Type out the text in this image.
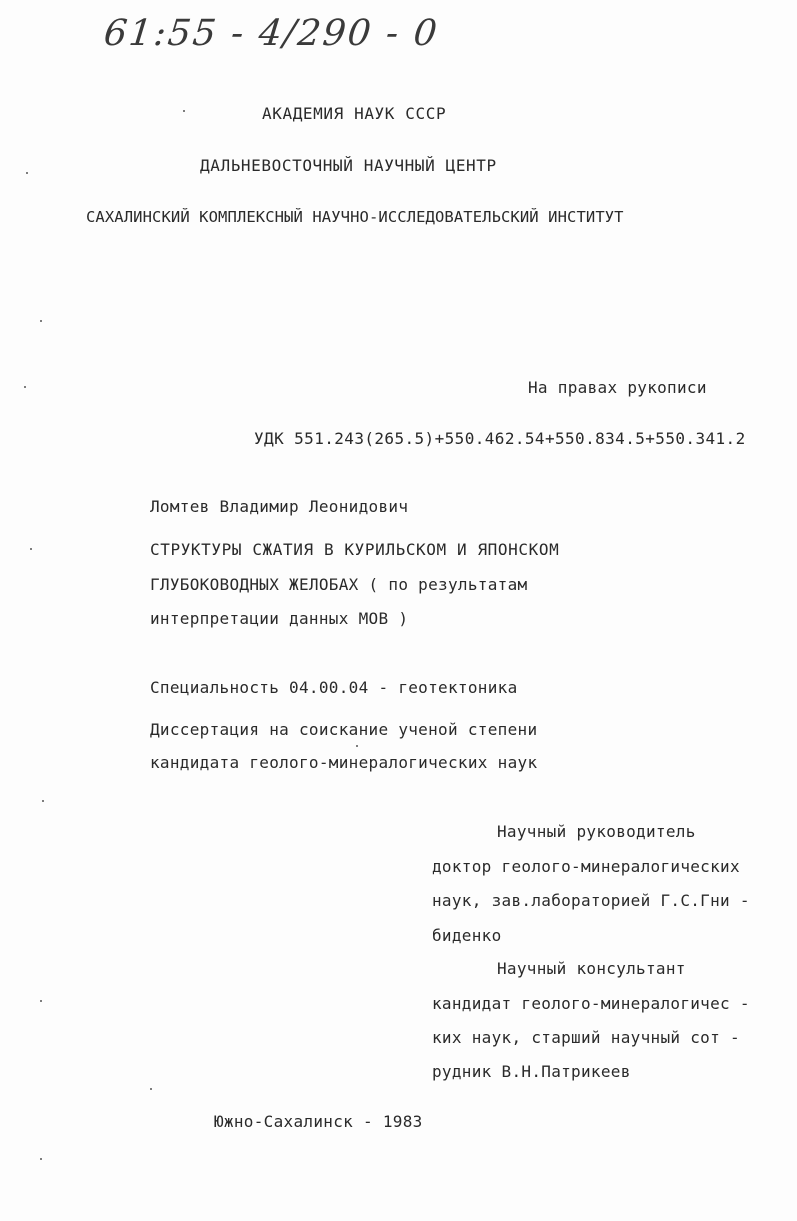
61:55 - 4/290 - 0
АКАДЕМИЯ НАУК СССР
ДАЛЬНЕВОСТОЧНЫЙ НАУЧНЫЙ ЦЕНТР
САХАЛИНСКИЙ КОМПЛЕКСНЫЙ НАУЧНО-ИССЛЕДОВАТЕЛЬСКИЙ ИНСТИТУТ
На правах рукописи
УДК 551.243(265.5)+550.462.54+550.834.5+550.341.2
Ломтев Владимир Леонидович
СТРУКТУРЫ СЖАТИЯ В КУРИЛЬСКОМ И ЯПОНСКОМ
ГЛУБОКОВОДНЫХ ЖЕЛОБАХ ( по результатам
интерпретации данных МОВ )
Специальность 04.00.04 - геотектоника
Диссертация на соискание ученой степени
кандидата геолого-минералогических наук
Научный руководитель
доктор геолого-минералогических
наук, зав.лабораторией Г.С.Гни -
биденко
Научный консультант
кандидат геолого-минералогичес -
ких наук, старший научный сот -
рудник В.Н.Патрикеев
Южно-Сахалинск - 1983
